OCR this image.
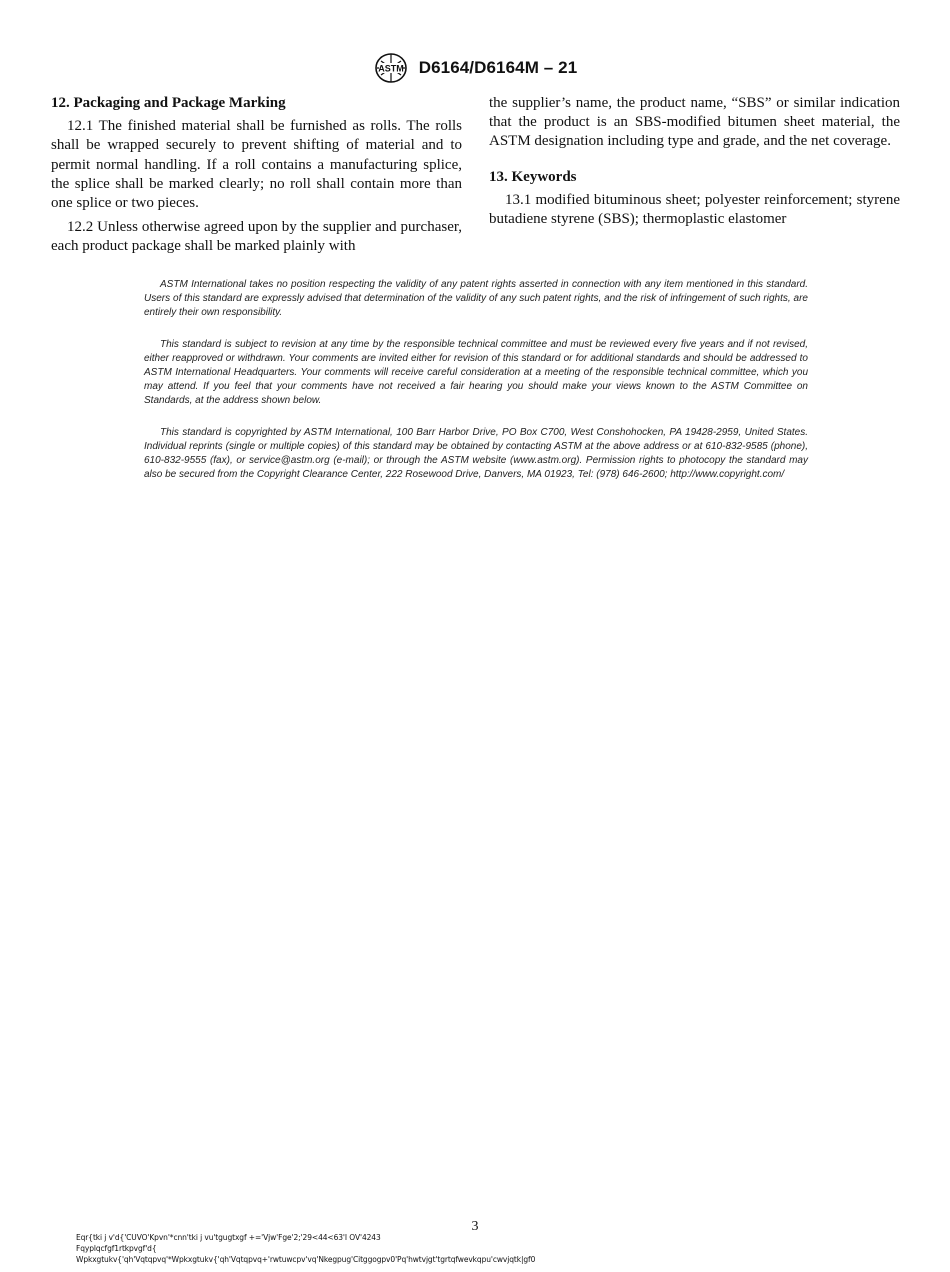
ASTM D6164/D6164M – 21
12. Packaging and Package Marking

12.1 The finished material shall be furnished as rolls. The rolls shall be wrapped securely to prevent shifting of material and to permit normal handling. If a roll contains a manufacturing splice, the splice shall be marked clearly; no roll shall contain more than one splice or two pieces.

12.2 Unless otherwise agreed upon by the supplier and purchaser, each product package shall be marked plainly with

the supplier’s name, the product name, “SBS” or similar indication that the product is an SBS-modified bitumen sheet material, the ASTM designation including type and grade, and the net coverage.

13. Keywords

13.1 modified bituminous sheet; polyester reinforcement; styrene butadiene styrene (SBS); thermoplastic elastomer

ASTM International takes no position respecting the validity of any patent rights asserted in connection with any item mentioned in this standard. Users of this standard are expressly advised that determination of the validity of any such patent rights, and the risk of infringement of such rights, are entirely their own responsibility.

This standard is subject to revision at any time by the responsible technical committee and must be reviewed every five years and if not revised, either reapproved or withdrawn. Your comments are invited either for revision of this standard or for additional standards and should be addressed to ASTM International Headquarters. Your comments will receive careful consideration at a meeting of the responsible technical committee, which you may attend. If you feel that your comments have not received a fair hearing you should make your views known to the ASTM Committee on Standards, at the address shown below.

This standard is copyrighted by ASTM International, 100 Barr Harbor Drive, PO Box C700, West Conshohocken, PA 19428-2959, United States. Individual reprints (single or multiple copies) of this standard may be obtained by contacting ASTM at the above address or at 610-832-9585 (phone), 610-832-9555 (fax), or service@astm.org (e-mail); or through the ASTM website (www.astm.org). Permission rights to photocopy the standard may also be secured from the Copyright Clearance Center, 222 Rosewood Drive, Danvers, MA 01923, Tel: (978) 646-2600; http://www.copyright.com/

3
Eqr{tki j v'd{'CUVO'Kpvn'*cnn'tki j vu'tgugtxgf +='Vjw'Fge'2;'29<44<63'I OV'4243
Fqyplqcfgf1rtkpvgf'd{
Wpkxgtukv{'qh'Vqtqpvq'*Wpkxgtukv{'qh'Vqtqpvq+'rwtuwcpv'vq'Nkegpug'Citggogpv0'Pq'hwtvjgt'tgrtqfwevkqpu'cwvjqtk|gf0
